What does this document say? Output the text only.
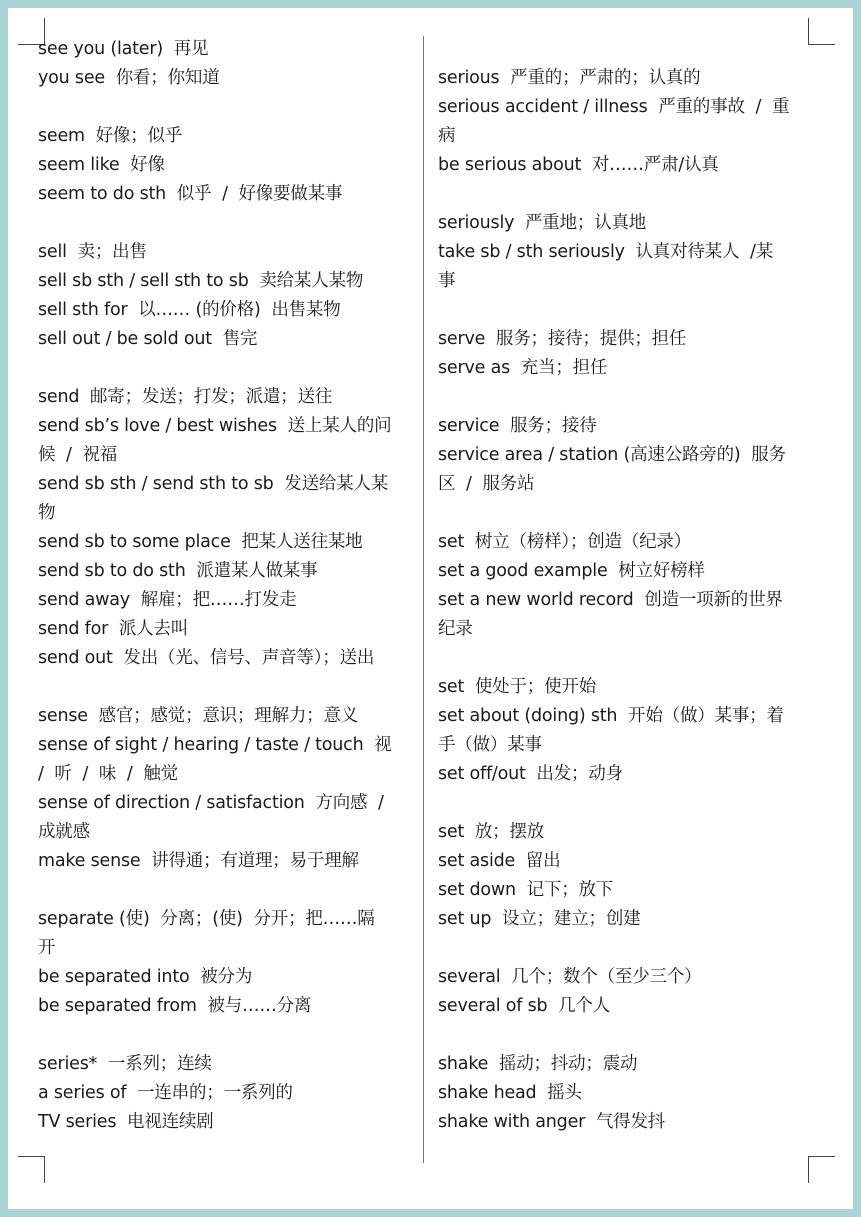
see you (later)  再见
you see  你看；你知道
seem  好像；似乎
seem like  好像
seem to do sth  似乎  /  好像要做某事
sell  卖；出售
sell sb sth / sell sth to sb  卖给某人某物
sell sth for  以…… (的价格)  出售某物
sell out / be sold out  售完
send  邮寄；发送；打发；派遣；送往
send sb’s love / best wishes  送上某人的问
候  /  祝福
send sb sth / send sth to sb  发送给某人某
物
send sb to some place  把某人送往某地
send sb to do sth  派遣某人做某事
send away  解雇；把……打发走
send for  派人去叫
send out  发出（光、信号、声音等）；送出
sense  感官；感觉；意识；理解力；意义
sense of sight / hearing / taste / touch  视
/  听  /  味  /  触觉
sense of direction / satisfaction  方向感  /
成就感
make sense  讲得通；有道理；易于理解
separate (使)  分离；(使)  分开；把……隔
开
be separated into  被分为
be separated from  被与……分离
series*  一系列；连续
a series of  一连串的；一系列的
TV series  电视连续剧
serious  严重的；严肃的；认真的
serious accident / illness  严重的事故  /  重
病
be serious about  对……严肃/认真
seriously  严重地；认真地
take sb / sth seriously  认真对待某人  /某
事
serve  服务；接待；提供；担任
serve as  充当；担任
service  服务；接待
service area / station (高速公路旁的)  服务
区  /  服务站
set  树立（榜样）；创造（纪录）
set a good example  树立好榜样
set a new world record  创造一项新的世界
纪录
set  使处于；使开始
set about (doing) sth  开始（做）某事；着
手（做）某事
set off/out  出发；动身
set  放；摆放
set aside  留出
set down  记下；放下
set up  设立；建立；创建
several  几个；数个（至少三个）
several of sb  几个人
shake  摇动；抖动；震动
shake head  摇头
shake with anger  气得发抖
